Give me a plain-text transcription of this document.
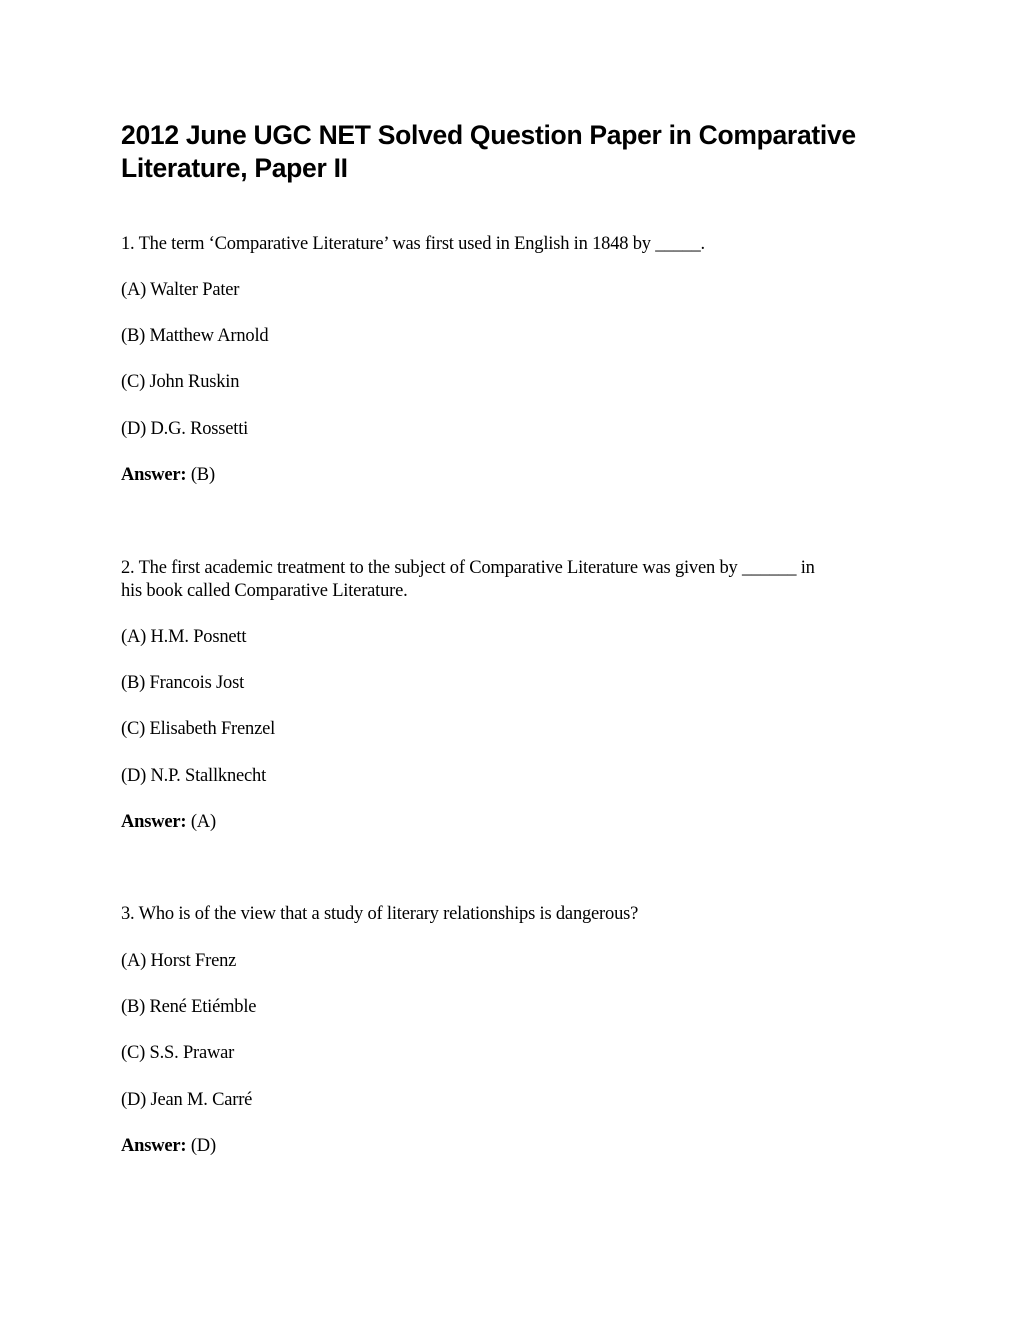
2012 June UGC NET Solved Question Paper in Comparative
Literature, Paper II
1. The term ‘Comparative Literature’ was first used in English in 1848 by _____.
(A) Walter Pater
(B) Matthew Arnold
(C) John Ruskin
(D) D.G. Rossetti
Answer: (B)
2. The first academic treatment to the subject of Comparative Literature was given by ______ in
his book called Comparative Literature.
(A) H.M. Posnett
(B) Francois Jost
(C) Elisabeth Frenzel
(D) N.P. Stallknecht
Answer: (A)
3. Who is of the view that a study of literary relationships is dangerous?
(A) Horst Frenz
(B) René Etiémble
(C) S.S. Prawar
(D) Jean M. Carré
Answer: (D)
